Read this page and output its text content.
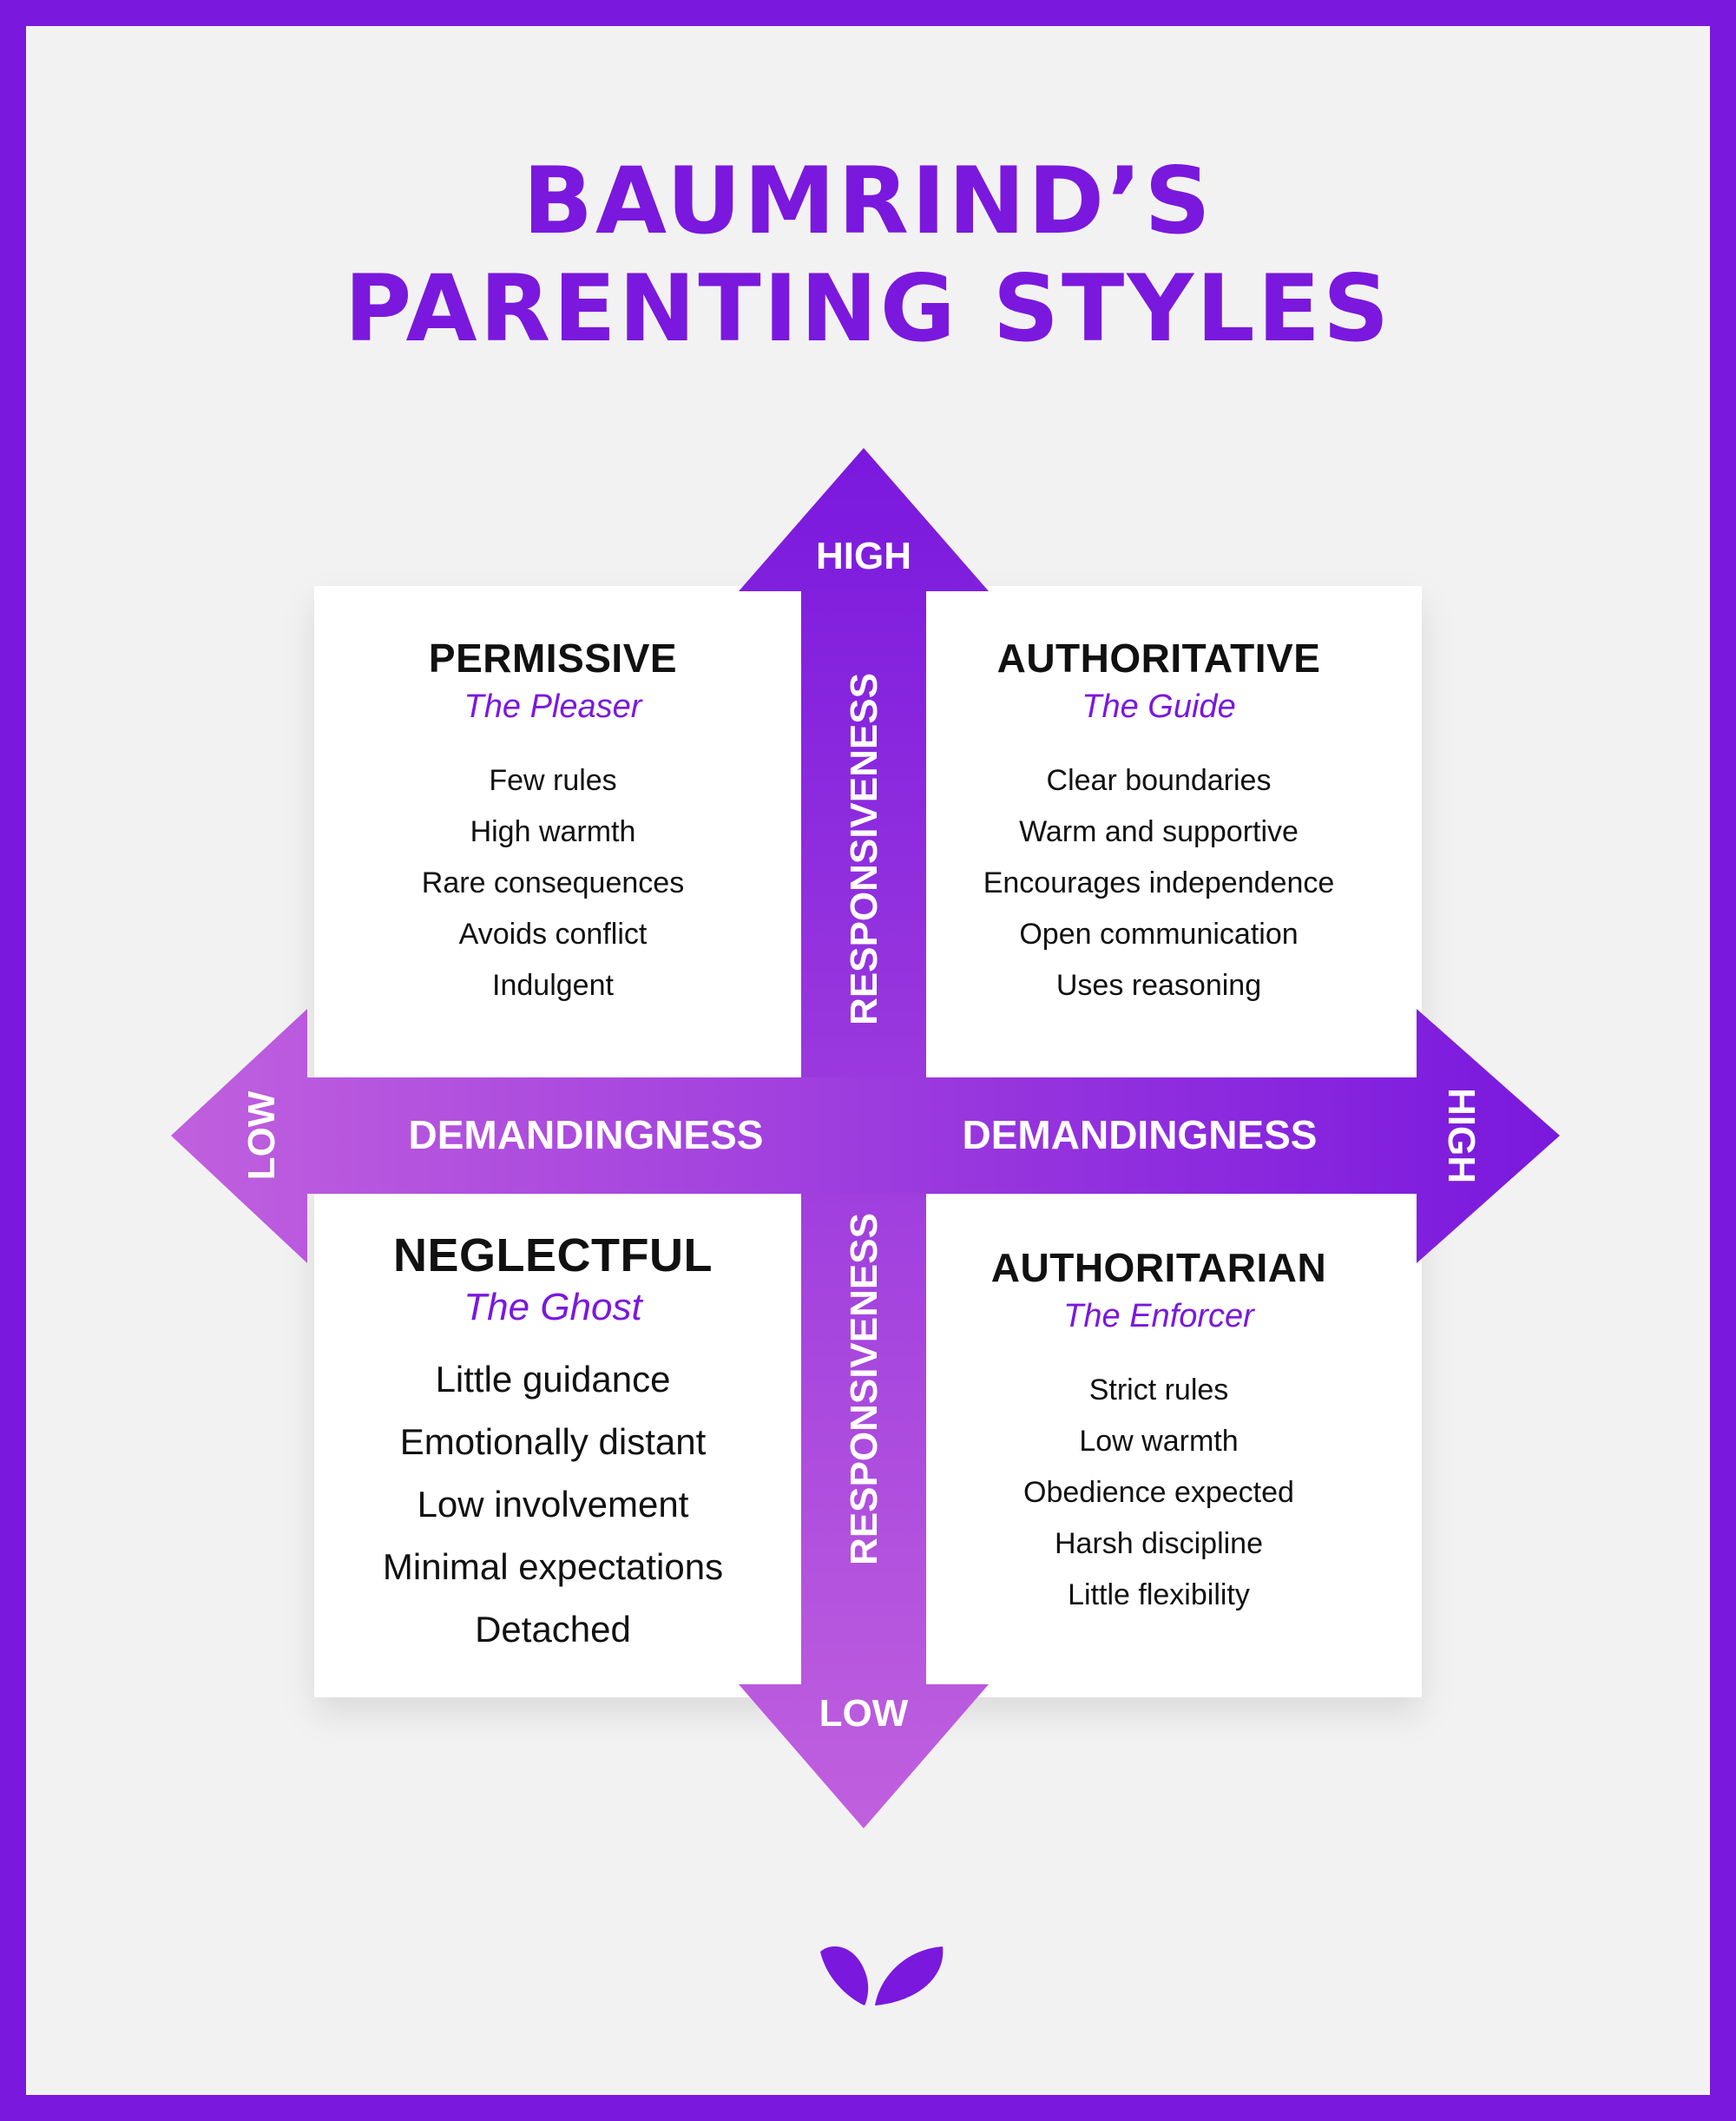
BAUMRIND’S
PARENTING STYLES
HIGH
LOW
RESPONSIVENESS
RESPONSIVENESS
DEMANDINGNESS	DEMANDINGNESS
LOW	HIGH

PERMISSIVE

The Pleaser

Few rules
High warmth
Rare consequences
Avoids conflict
Indulgent

AUTHORITATIVE

The Guide

Clear boundaries
Warm and supportive
Encourages independence
Open communication
Uses reasoning

NEGLECTFUL

The Ghost

Little guidance
Emotionally distant
Low involvement
Minimal expectations
Detached

AUTHORITARIAN

The Enforcer

Strict rules
Low warmth
Obedience expected
Harsh discipline
Little flexibility
